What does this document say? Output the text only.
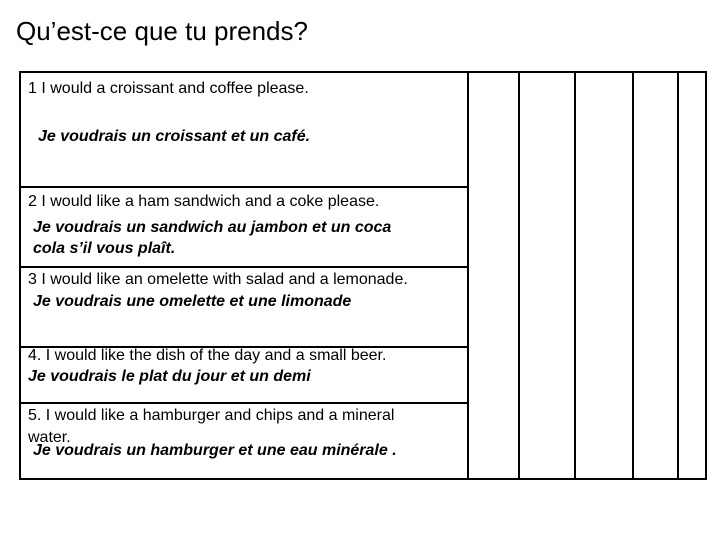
Qu’est-ce que tu prends?
1 I would a croissant and coffee please.
Je voudrais un croissant et un café.
2 I would like a ham sandwich and a coke please.
Je voudrais un sandwich au jambon et un coca
cola s’il vous plaît.
3 I would like an omelette with salad and a lemonade.
Je voudrais une omelette et une limonade
4. I would like the dish of the day and a small beer.
Je voudrais le plat du jour et un demi
5. I would like a hamburger and chips and a mineral
water.
Je voudrais un hamburger et une eau minérale .
